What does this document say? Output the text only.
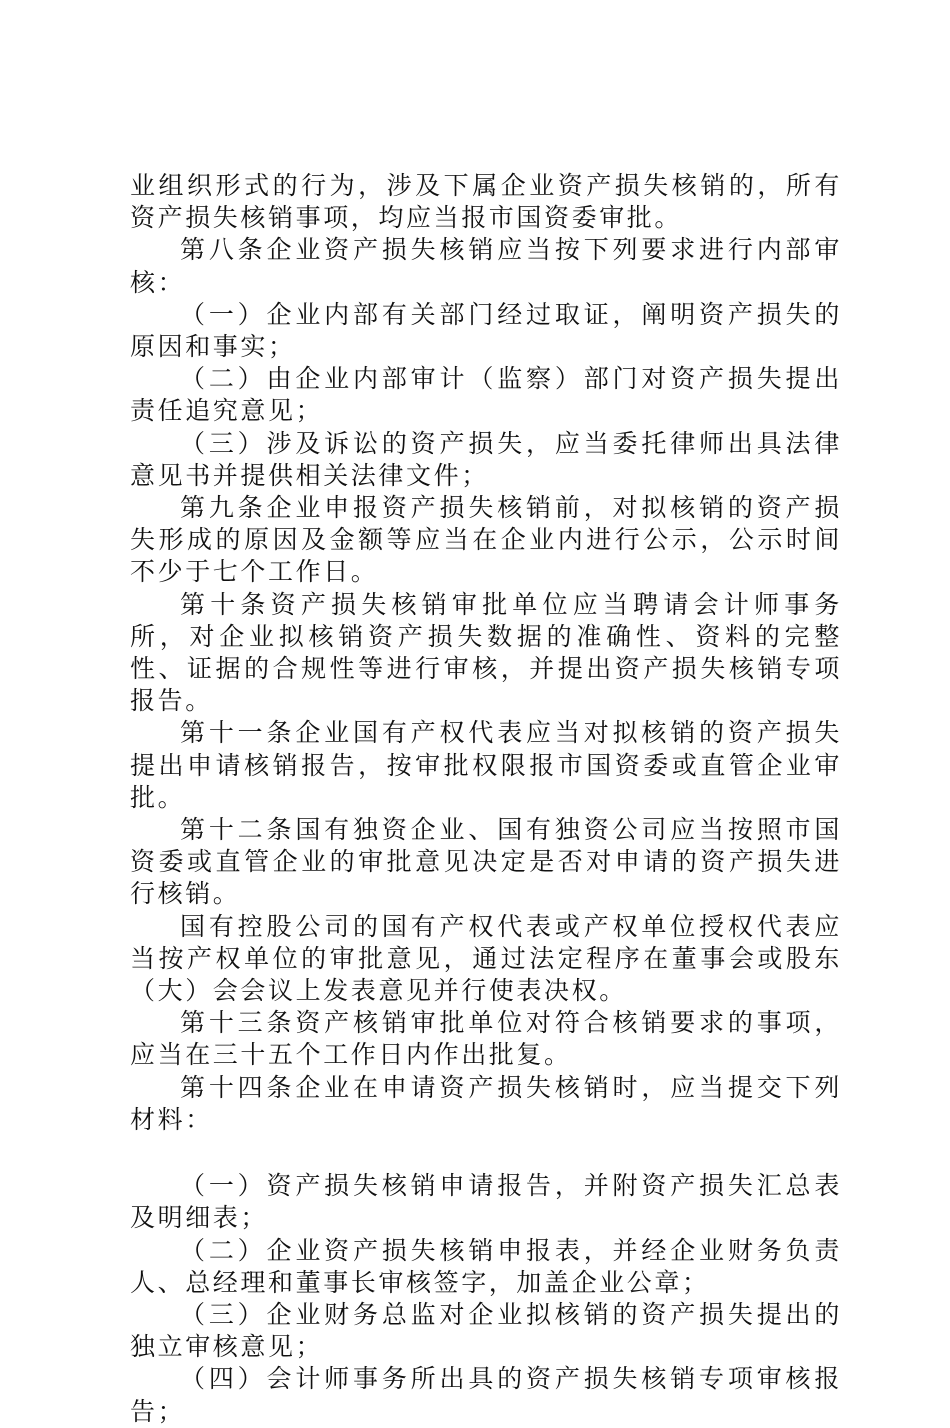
业组织形式的行为，涉及下属企业资产损失核销的，所有资产损失核销事项，均应当报市国资委审批。

第八条企业资产损失核销应当按下列要求进行内部审核：

（一）企业内部有关部门经过取证，阐明资产损失的原因和事实；

（二）由企业内部审计（监察）部门对资产损失提出责任追究意见；

（三）涉及诉讼的资产损失，应当委托律师出具法律意见书并提供相关法律文件；

第九条企业申报资产损失核销前，对拟核销的资产损失形成的原因及金额等应当在企业内进行公示，公示时间不少于七个工作日。

第十条资产损失核销审批单位应当聘请会计师事务所，对企业拟核销资产损失数据的准确性、资料的完整性、证据的合规性等进行审核，并提出资产损失核销专项报告。

第十一条企业国有产权代表应当对拟核销的资产损失提出申请核销报告，按审批权限报市国资委或直管企业审批。

第十二条国有独资企业、国有独资公司应当按照市国资委或直管企业的审批意见决定是否对申请的资产损失进行核销。

国有控股公司的国有产权代表或产权单位授权代表应当按产权单位的审批意见，通过法定程序在董事会或股东（大）会会议上发表意见并行使表决权。

第十三条资产核销审批单位对符合核销要求的事项，应当在三十五个工作日内作出批复。

第十四条企业在申请资产损失核销时，应当提交下列材料：

（一）资产损失核销申请报告，并附资产损失汇总表及明细表；

（二）企业资产损失核销申报表，并经企业财务负责人、总经理和董事长审核签字，加盖企业公章；

（三）企业财务总监对企业拟核销的资产损失提出的独立审核意见；

（四）会计师事务所出具的资产损失核销专项审核报告；
